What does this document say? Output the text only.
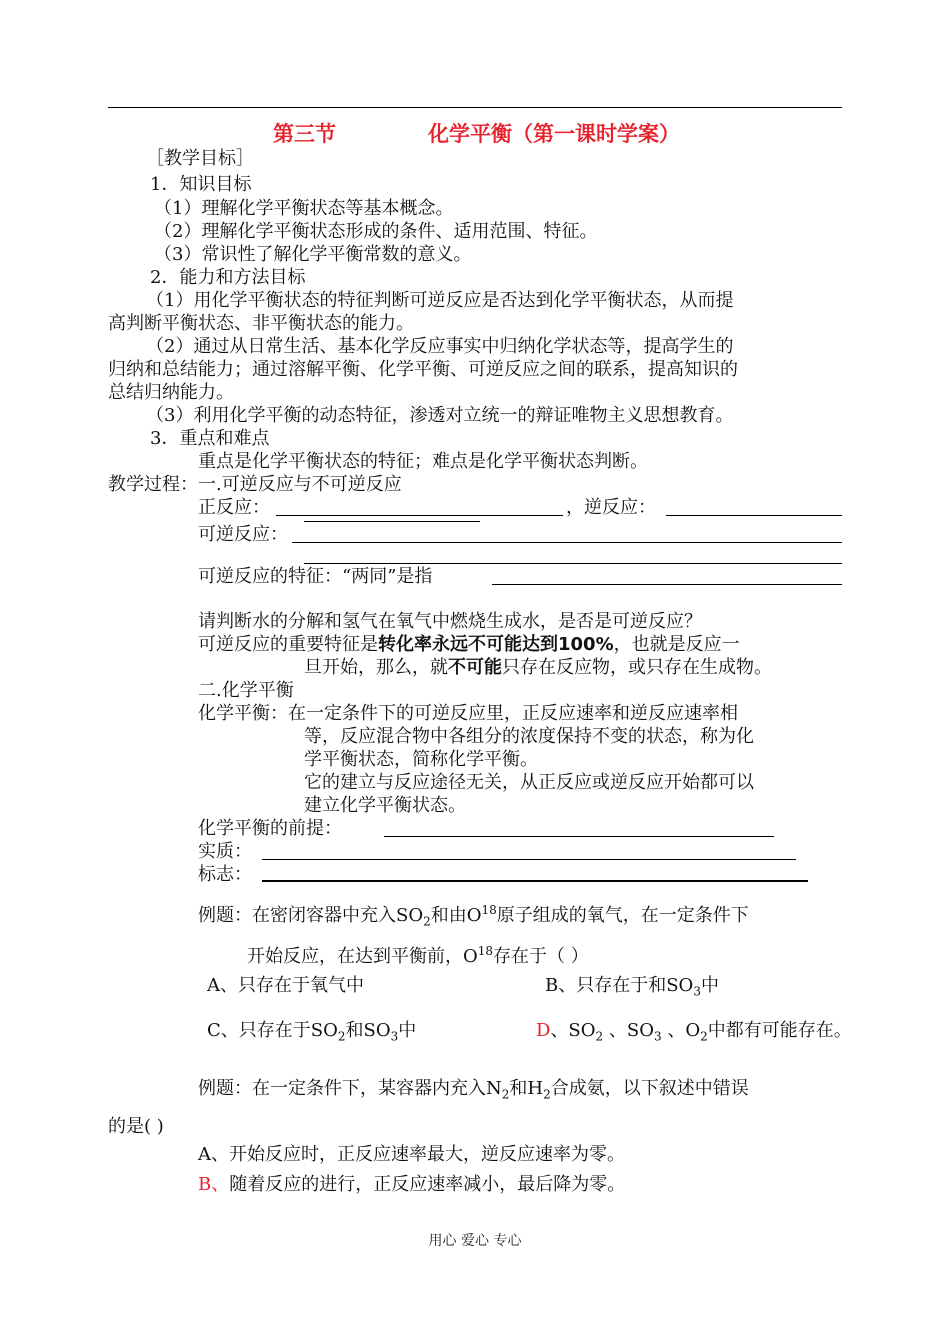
第三节	化学平衡（第一课时学案）
［教学目标］
1．知识目标
（1）理解化学平衡状态等基本概念。
（2）理解化学平衡状态形成的条件、适用范围、特征。
（3）常识性了解化学平衡常数的意义。
2．能力和方法目标
（1）用化学平衡状态的特征判断可逆反应是否达到化学平衡状态，从而提
高判断平衡状态、非平衡状态的能力。
（2）通过从日常生活、基本化学反应事实中归纳化学状态等，提高学生的
归纳和总结能力；通过溶解平衡、化学平衡、可逆反应之间的联系，提高知识的
总结归纳能力。
（3）利用化学平衡的动态特征，渗透对立统一的辩证唯物主义思想教育。
3．重点和难点
重点是化学平衡状态的特征；难点是化学平衡状态判断。
教学过程：一.可逆反应与不可逆反应
正反应：	，逆反应：
可逆反应：
可逆反应的特征：“两同”是指
请判断水的分解和氢气在氧气中燃烧生成水，是否是可逆反应？
可逆反应的重要特征是转化率永远不可能达到100%，也就是反应一
旦开始，那么，就不可能只存在反应物，或只存在生成物。
二.化学平衡
化学平衡：在一定条件下的可逆反应里，正反应速率和逆反应速率相
等，反应混合物中各组分的浓度保持不变的状态，称为化
学平衡状态，简称化学平衡。
它的建立与反应途径无关，从正反应或逆反应开始都可以
建立化学平衡状态。
化学平衡的前提：
实质：
标志：
例题：在密闭容器中充入$SO_2$和由$O^{18}$原子组成的氧气，在一定条件下
开始反应，在达到平衡前，$O^{18}$存在于（ ）
A、只存在于氧气中	B、只存在于和$SO_3$中
C、只存在于$SO_2$和$SO_3$中	D、$SO_2$ 、$SO_3$ 、$O_2$中都有可能存在。
例题：在一定条件下，某容器内充入$N_2$和$H_2$合成氨，以下叙述中错误
的是( )
A、开始反应时，正反应速率最大，逆反应速率为零。
B、随着反应的进行，正反应速率减小，最后降为零。
用心 爱心 专心
